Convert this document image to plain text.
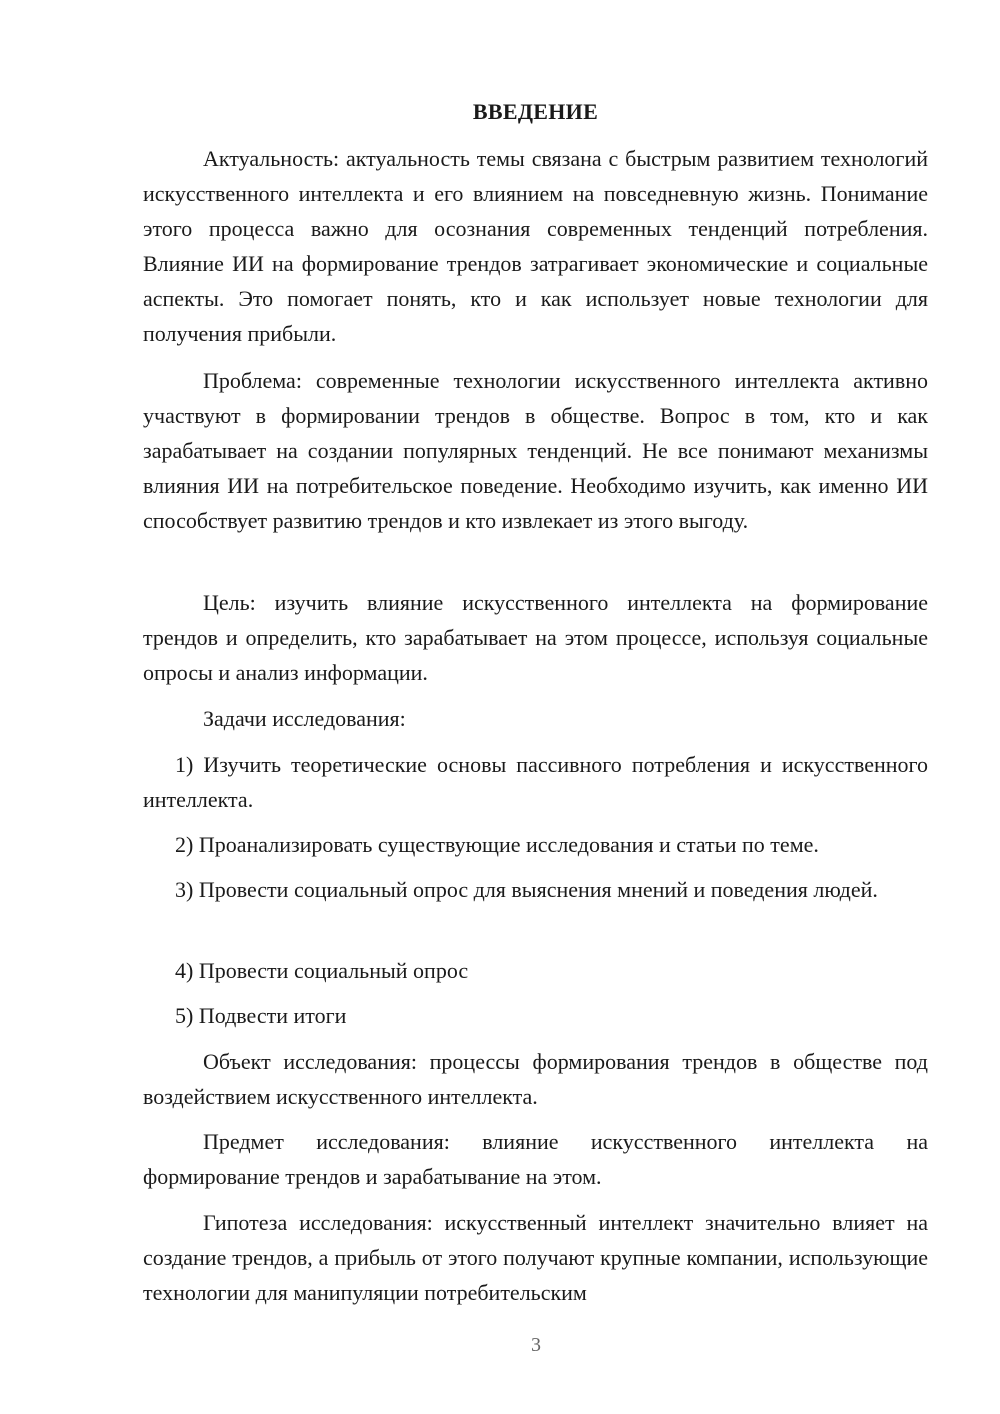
ВВЕДЕНИЕ

Актуальность: актуальность темы связана с быстрым развитием технологий искусственного интеллекта и его влиянием на повседневную жизнь. Понимание этого процесса важно для осознания современных тенденций потребления. Влияние ИИ на формирование трендов затрагивает экономические и социальные аспекты. Это помогает понять, кто и как использует новые технологии для получения прибыли.

Проблема: современные технологии искусственного интеллекта активно участвуют в формировании трендов в обществе. Вопрос в том, кто и как зарабатывает на создании популярных тенденций. Не все понимают механизмы влияния ИИ на потребительское поведение. Необходимо изучить, как именно ИИ способствует развитию трендов и кто извлекает из этого выгоду.

Цель: изучить влияние искусственного интеллекта на формирование трендов и определить, кто зарабатывает на этом процессе, используя социальные опросы и анализ информации.

Задачи исследования:

1) Изучить теоретические основы пассивного потребления и искусственного интеллекта.

2) Проанализировать существующие исследования и статьи по теме.

3) Провести социальный опрос для выяснения мнений и поведения людей.

4) Провести социальный опрос

5) Подвести итоги

Объект исследования: процессы формирования трендов в обществе под воздействием искусственного интеллекта.

Предмет исследования: влияние искусственного интеллекта на формирование трендов и зарабатывание на этом.

Гипотеза исследования: искусственный интеллект значительно влияет на создание трендов, а прибыль от этого получают крупные компании, использующие технологии для манипуляции потребительским

3
